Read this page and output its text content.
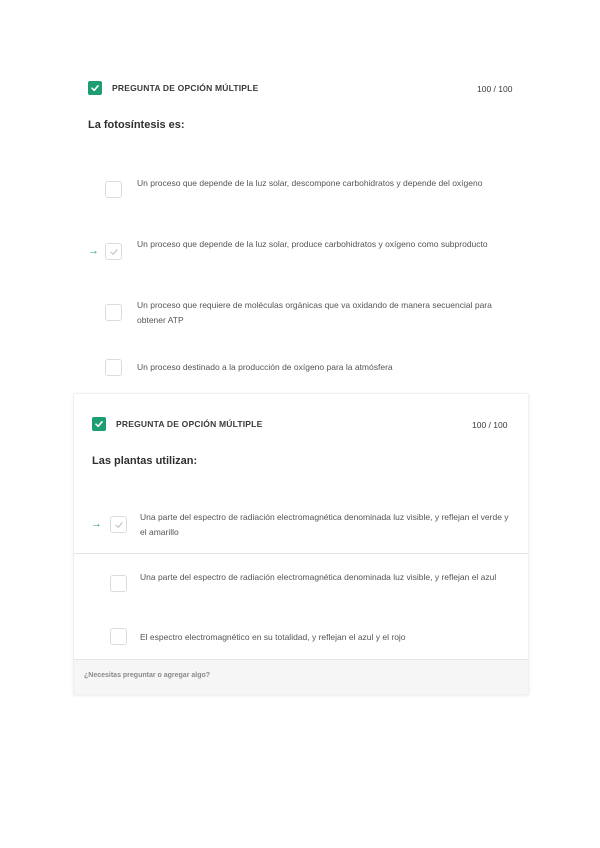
PREGUNTA DE OPCIÓN MÚLTIPLE	100 / 100
La fotosíntesis es:
Un proceso que depende de la luz solar, descompone carbohidratos y depende del oxígeno
→
Un proceso que depende de la luz solar, produce carbohidratos y oxígeno como subproducto
Un proceso que requiere de moléculas orgánicas que va oxidando de manera secuencial para obtener ATP
Un proceso destinado a la producción de oxígeno para la atmósfera
PREGUNTA DE OPCIÓN MÚLTIPLE	100 / 100
Las plantas utilizan:
→
Una parte del espectro de radiación electromagnética denominada luz visible, y reflejan el verde y el amarillo
Una parte del espectro de radiación electromagnética denominada luz visible, y reflejan el azul
El espectro electromagnético en su totalidad, y reflejan el azul y el rojo
¿Necesitas preguntar o agregar algo?
